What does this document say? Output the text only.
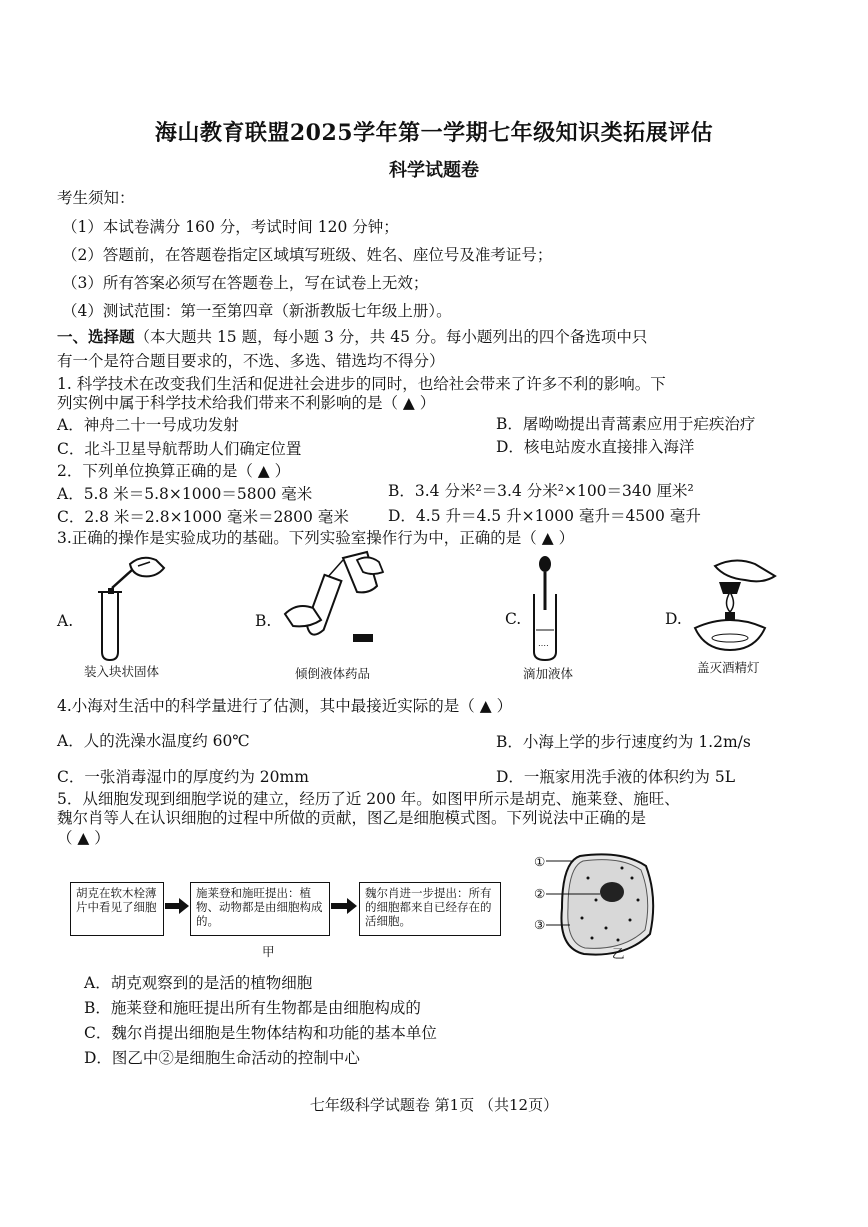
海山教育联盟2025学年第一学期七年级知识类拓展评估
科学试题卷
考生须知：
（1）本试卷满分 160 分，考试时间 120 分钟；
（2）答题前，在答题卷指定区域填写班级、姓名、座位号及准考证号；
（3）所有答案必须写在答题卷上，写在试卷上无效；
（4）测试范围：第一至第四章（新浙教版七年级上册）。
一、选择题（本大题共 15 题，每小题 3 分，共 45 分。每小题列出的四个备选项中只
有一个是符合题目要求的，不选、多选、错选均不得分）
1. 科学技术在改变我们生活和促进社会进步的同时，也给社会带来了许多不利的影响。下
列实例中属于科学技术给我们带来不利影响的是（ ▲ ）
A．神舟二十一号成功发射	B．屠呦呦提出青蒿素应用于疟疾治疗
C．北斗卫星导航帮助人们确定位置	D．核电站废水直接排入海洋
2．下列单位换算正确的是（ ▲ ）
A．5.8 米＝5.8×1000＝5800 毫米	B．3.4 分米²＝3.4 分米²×100＝340 厘米²
C．2.8 米＝2.8×1000 毫米＝2800 毫米	D．4.5 升＝4.5 升×1000 毫升＝4500 毫升
3.正确的操作是实验成功的基础。下列实验室操作行为中，正确的是（ ▲ ）
A.
装入块状固体
B.
倾倒液体药品
C.
‥‥
滴加液体
D.
盖灭酒精灯
4.小海对生活中的科学量进行了估测，其中最接近实际的是（ ▲ ）
A．人的洗澡水温度约 60℃	B．小海上学的步行速度约为 1.2m/s
C．一张消毒湿巾的厚度约为 20mm	D．一瓶家用洗手液的体积约为 5L
5．从细胞发现到细胞学说的建立，经历了近 200 年。如图甲所示是胡克、施莱登、施旺、
魏尔肖等人在认识细胞的过程中所做的贡献，图乙是细胞模式图。下列说法中正确的是
（ ▲ ）
胡克在软木栓薄片中看见了细胞
施莱登和施旺提出：植物、动物都是由细胞构成的。
魏尔肖进一步提出：所有的细胞都来自已经存在的活细胞。
甲
①
②
③
乙
A．胡克观察到的是活的植物细胞
B．施莱登和施旺提出所有生物都是由细胞构成的
C．魏尔肖提出细胞是生物体结构和功能的基本单位
D．图乙中②是细胞生命活动的控制中心
七年级科学试题卷 第1页 （共12页）
